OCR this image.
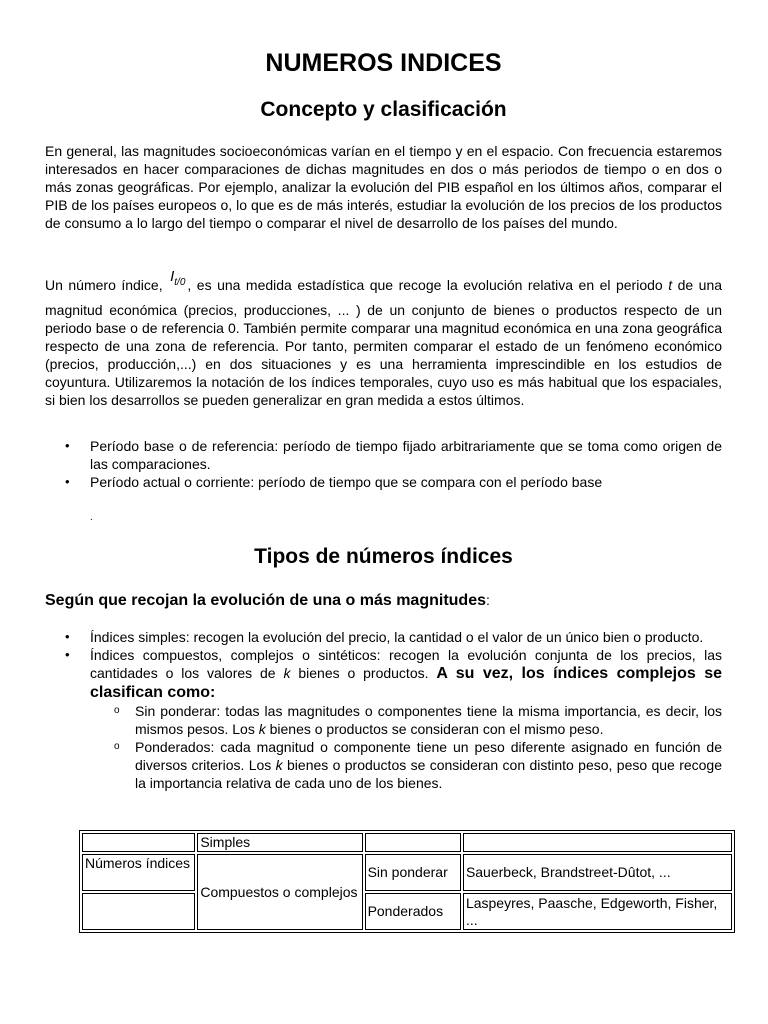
NUMEROS INDICES
Concepto y clasificación

En general, las magnitudes socioeconómicas varían en el tiempo y en el espacio. Con frecuencia estaremos interesados en hacer comparaciones de dichas magnitudes en dos o más periodos de tiempo o en dos o más zonas geográficas. Por ejemplo, analizar la evolución del PIB español en los últimos años, comparar el PIB de los países europeos o, lo que es de más interés, estudiar la evolución de los precios de los productos de consumo a lo largo del tiempo o comparar el nivel de desarrollo de los países del mundo.

Un número índice, $I_{t/0}$ , es una medida estadística que recoge la evolución relativa en el periodo t de una magnitud económica (precios, producciones, ... ) de un conjunto de bienes o productos respecto de un periodo base o de referencia 0. También permite comparar una magnitud económica en una zona geográfica respecto de una zona de referencia. Por tanto, permiten comparar el estado de un fenómeno económico (precios, producción,...) en dos situaciones y es una herramienta imprescindible en los estudios de coyuntura. Utilizaremos la notación de los índices temporales, cuyo uso es más habitual que los espaciales, si bien los desarrollos se pueden generalizar en gran medida a estos últimos.

• Período base o de referencia: período de tiempo fijado arbitrariamente que se toma como origen de las comparaciones.
• Período actual o corriente: período de tiempo que se compara con el período base
.
Tipos de números índices
Según que recojan la evolución de una o más magnitudes:
• Índices simples: recogen la evolución del precio, la cantidad o el valor de un único bien o producto.
• Índices compuestos, complejos o sintéticos: recogen la evolución conjunta de los precios, las cantidades o los valores de k bienes o productos. A su vez, los índices complejos se clasifican como:
o Sin ponderar: todas las magnitudes o componentes tiene la misma importancia, es decir, los mismos pesos. Los k bienes o productos se consideran con el mismo peso.
o Ponderados: cada magnitud o componente tiene un peso diferente asignado en función de diversos criterios. Los k bienes o productos se consideran con distinto peso, peso que recoge la importancia relativa de cada uno de los bienes.
	Simples		
Números índices	Compuestos o complejos	Sin ponderar	Sauerbeck, Brandstreet-Dûtot, ...
		Ponderados	Laspeyres, Paasche, Edgeworth, Fisher, ...
